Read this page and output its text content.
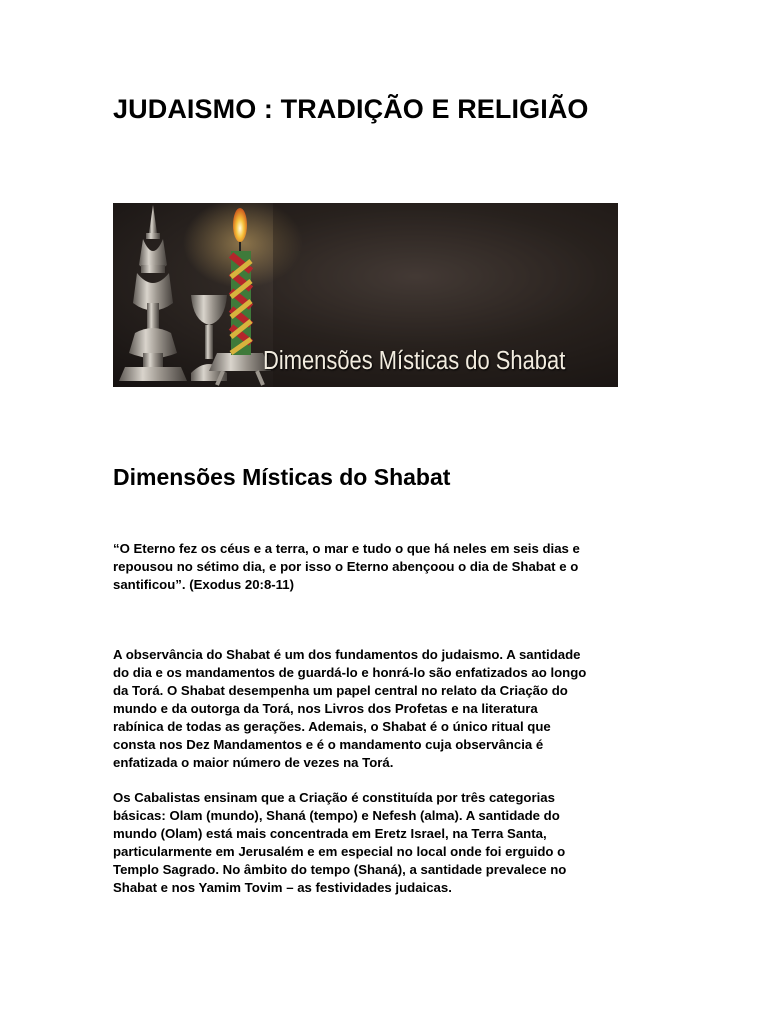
JUDAISMO : TRADIÇÃO E RELIGIÃO
Dimensões Místicas do Shabat
Dimensões Místicas do Shabat

“O Eterno fez os céus e a terra, o mar e tudo o que há neles em seis dias e
repousou no sétimo dia, e por isso o Eterno abençoou o dia de Shabat e o
santificou”. (Exodus 20:8-11)

A observância do Shabat é um dos fundamentos do judaismo. A santidade
do dia e os mandamentos de guardá-lo e honrá-lo são enfatizados ao longo
da Torá. O Shabat desempenha um papel central no relato da Criação do
mundo e da outorga da Torá, nos Livros dos Profetas e na literatura
rabínica de todas as gerações. Ademais, o Shabat é o único ritual que
consta nos Dez Mandamentos e é o mandamento cuja observância é
enfatizada o maior número de vezes na Torá.

Os Cabalistas ensinam que a Criação é constituída por três categorias
básicas: Olam (mundo), Shaná (tempo) e Nefesh (alma). A santidade do
mundo (Olam) está mais concentrada em Eretz Israel, na Terra Santa,
particularmente em Jerusalém e em especial no local onde foi erguido o
Templo Sagrado. No âmbito do tempo (Shaná), a santidade prevalece no
Shabat e nos Yamim Tovim – as festividades judaicas.
